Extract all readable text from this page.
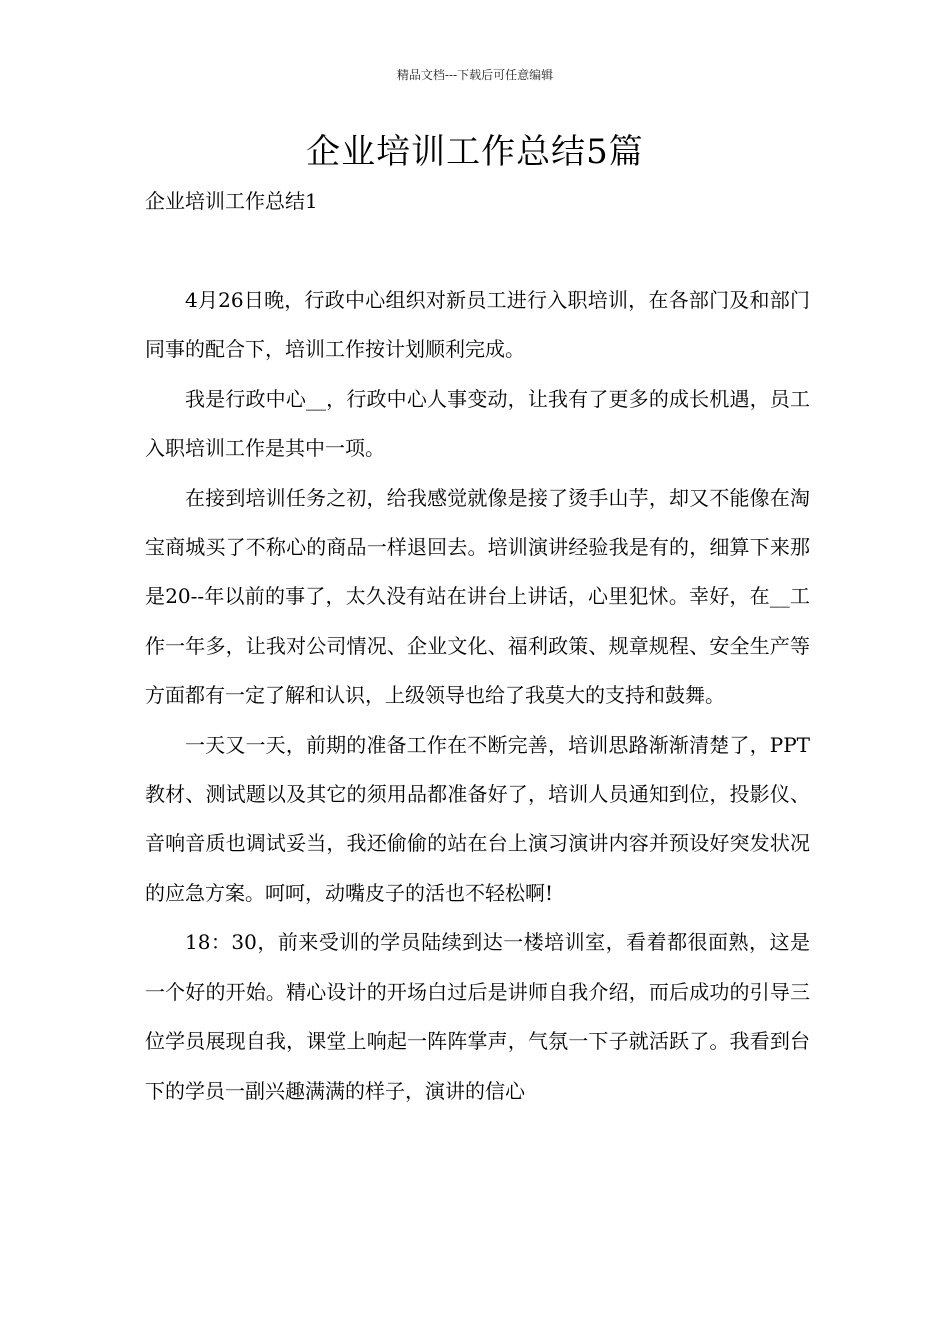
精品文档---下载后可任意编辑
企业培训工作总结5篇
企业培训工作总结1

4月26日晚，行政中心组织对新员工进行入职培训，在各部门及和部门同事的配合下，培训工作按计划顺利完成。

我是行政中心__，行政中心人事变动，让我有了更多的成长机遇，员工入职培训工作是其中一项。

在接到培训任务之初，给我感觉就像是接了烫手山芋，却又不能像在淘宝商城买了不称心的商品一样退回去。培训演讲经验我是有的，细算下来那是20--年以前的事了，太久没有站在讲台上讲话，心里犯怵。幸好，在__工作一年多，让我对公司情况、企业文化、福利政策、规章规程、安全生产等方面都有一定了解和认识，上级领导也给了我莫大的支持和鼓舞。

一天又一天，前期的准备工作在不断完善，培训思路渐渐清楚了，PPT教材、测试题以及其它的须用品都准备好了，培训人员通知到位，投影仪、音响音质也调试妥当，我还偷偷的站在台上演习演讲内容并预设好突发状况的应急方案。呵呵，动嘴皮子的活也不轻松啊!

18：30，前来受训的学员陆续到达一楼培训室，看着都很面熟，这是一个好的开始。精心设计的开场白过后是讲师自我介绍，而后成功的引导三位学员展现自我，课堂上响起一阵阵掌声，气氛一下子就活跃了。我看到台下的学员一副兴趣满满的样子，演讲的信心
